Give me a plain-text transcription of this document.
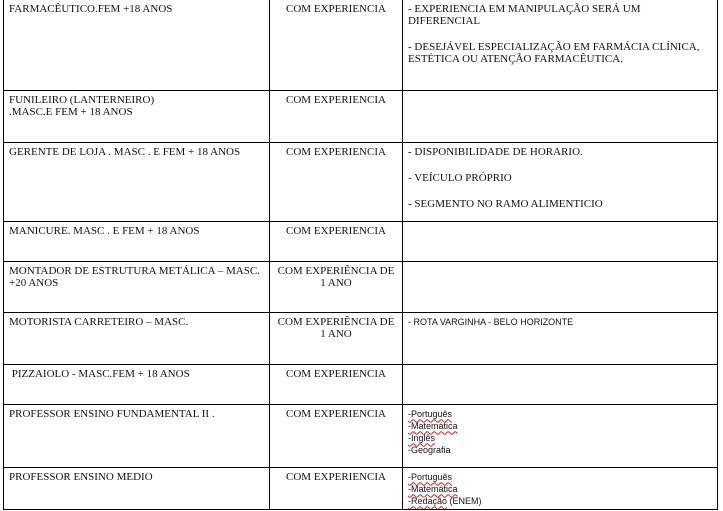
FARMACÊUTICO.FEM +18 ANOS	COM EXPERIENCIA	- EXPERIENCIA EM MANIPULAÇÃO SERÁ UM
DIFERENCIAL
- DESEJÁVEL ESPECIALIZAÇÃO EM FARMÁCIA CLÍNICA,
ESTÉTICA OU ATENÇÃO FARMACÊUTICA.

FUNILEIRO (LANTERNEIRO)
.MASC.E FEM + 18 ANOS	COM EXPERIENCIA	

GERENTE DE LOJA . MASC . E FEM + 18 ANOS	COM EXPERIENCIA	- DISPONIBILIDADE DE HORARIO.
- VEÍCULO PRÓPRIO
- SEGMENTO NO RAMO ALIMENTICIO

MANICURE. MASC . E FEM + 18 ANOS	COM EXPERIENCIA	

MONTADOR DE ESTRUTURA METÁLICA – MASC.
+20 ANOS	COM EXPERIÊNCIA DE
1 ANO	

MOTORISTA CARRETEIRO – MASC.	COM EXPERIÊNCIA DE
1 ANO	- ROTA VARGINHA - BELO HORIZONTE

PIZZAIOLO - MASC.FEM + 18 ANOS	COM EXPERIENCIA	

PROFESSOR ENSINO FUNDAMENTAL II .	COM EXPERIENCIA	-Português
-Matemática
-Inglês
-Geografia

PROFESSOR ENSINO MEDIO	COM EXPERIENCIA	-Português
-Matemática
-Redação (ENEM)
